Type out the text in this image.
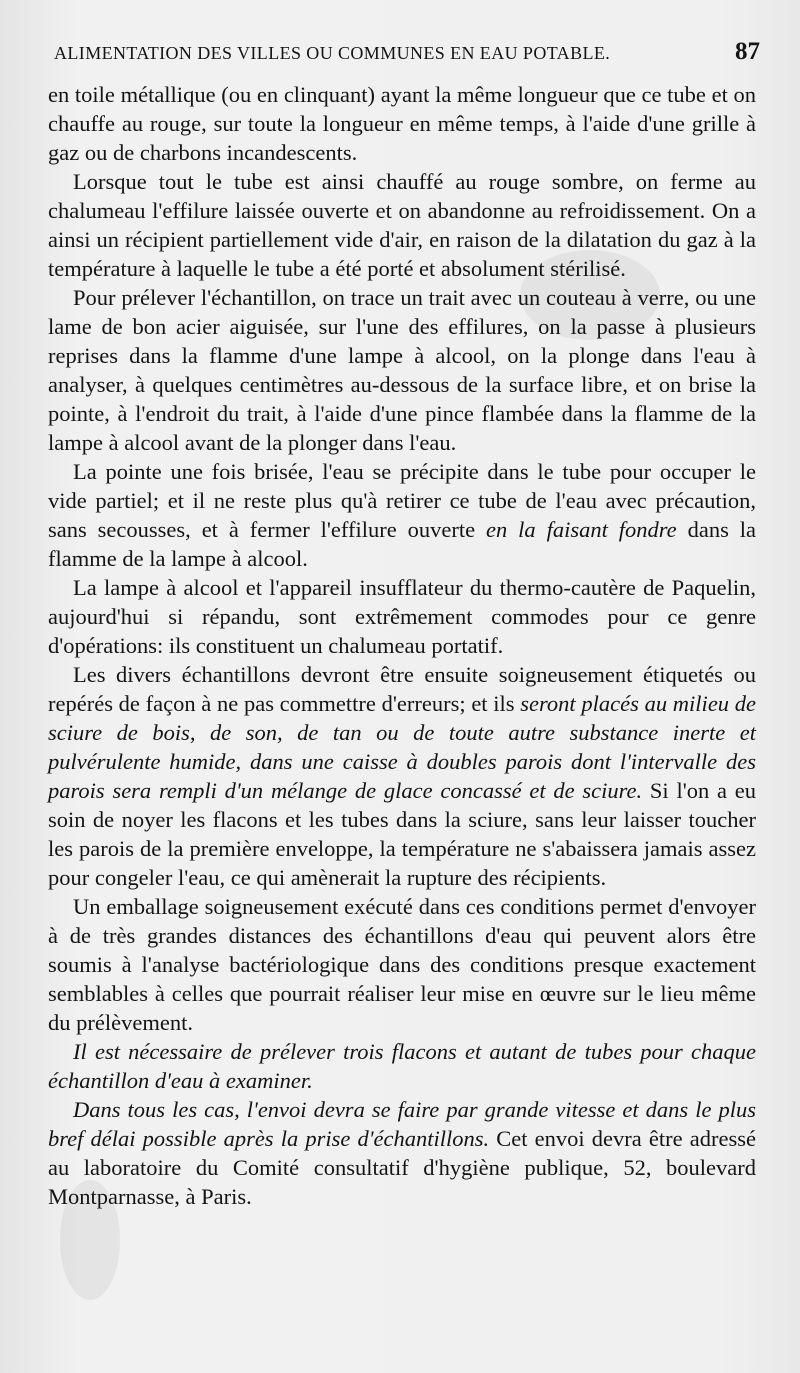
ALIMENTATION DES VILLES OU COMMUNES EN EAU POTABLE.	87

en toile métallique (ou en clinquant) ayant la même longueur que ce tube et on chauffe au rouge, sur toute la longueur en même temps, à l'aide d'une grille à gaz ou de charbons incandescents.

Lorsque tout le tube est ainsi chauffé au rouge sombre, on ferme au chalumeau l'effilure laissée ouverte et on abandonne au refroidissement. On a ainsi un récipient partiellement vide d'air, en raison de la dilatation du gaz à la température à laquelle le tube a été porté et absolument stérilisé.

Pour prélever l'échantillon, on trace un trait avec un couteau à verre, ou une lame de bon acier aiguisée, sur l'une des effilures, on la passe à plusieurs reprises dans la flamme d'une lampe à alcool, on la plonge dans l'eau à analyser, à quelques centimètres au-dessous de la surface libre, et on brise la pointe, à l'endroit du trait, à l'aide d'une pince flambée dans la flamme de la lampe à alcool avant de la plonger dans l'eau.

La pointe une fois brisée, l'eau se précipite dans le tube pour occuper le vide partiel; et il ne reste plus qu'à retirer ce tube de l'eau avec précaution, sans secousses, et à fermer l'effilure ouverte en la faisant fondre dans la flamme de la lampe à alcool.

La lampe à alcool et l'appareil insufflateur du thermo-cautère de Paquelin, aujourd'hui si répandu, sont extrêmement commodes pour ce genre d'opérations: ils constituent un chalumeau portatif.

Les divers échantillons devront être ensuite soigneusement étiquetés ou repérés de façon à ne pas commettre d'erreurs; et ils seront placés au milieu de sciure de bois, de son, de tan ou de toute autre substance inerte et pulvérulente humide, dans une caisse à doubles parois dont l'intervalle des parois sera rempli d'un mélange de glace concassé et de sciure. Si l'on a eu soin de noyer les flacons et les tubes dans la sciure, sans leur laisser toucher les parois de la première enveloppe, la température ne s'abaissera jamais assez pour congeler l'eau, ce qui amènerait la rupture des récipients.

Un emballage soigneusement exécuté dans ces conditions permet d'envoyer à de très grandes distances des échantillons d'eau qui peuvent alors être soumis à l'analyse bactériologique dans des conditions presque exactement semblables à celles que pourrait réaliser leur mise en œuvre sur le lieu même du prélèvement.

Il est nécessaire de prélever trois flacons et autant de tubes pour chaque échantillon d'eau à examiner.

Dans tous les cas, l'envoi devra se faire par grande vitesse et dans le plus bref délai possible après la prise d'échantillons. Cet envoi devra être adressé au laboratoire du Comité consultatif d'hygiène publique, 52, boulevard Montparnasse, à Paris.
